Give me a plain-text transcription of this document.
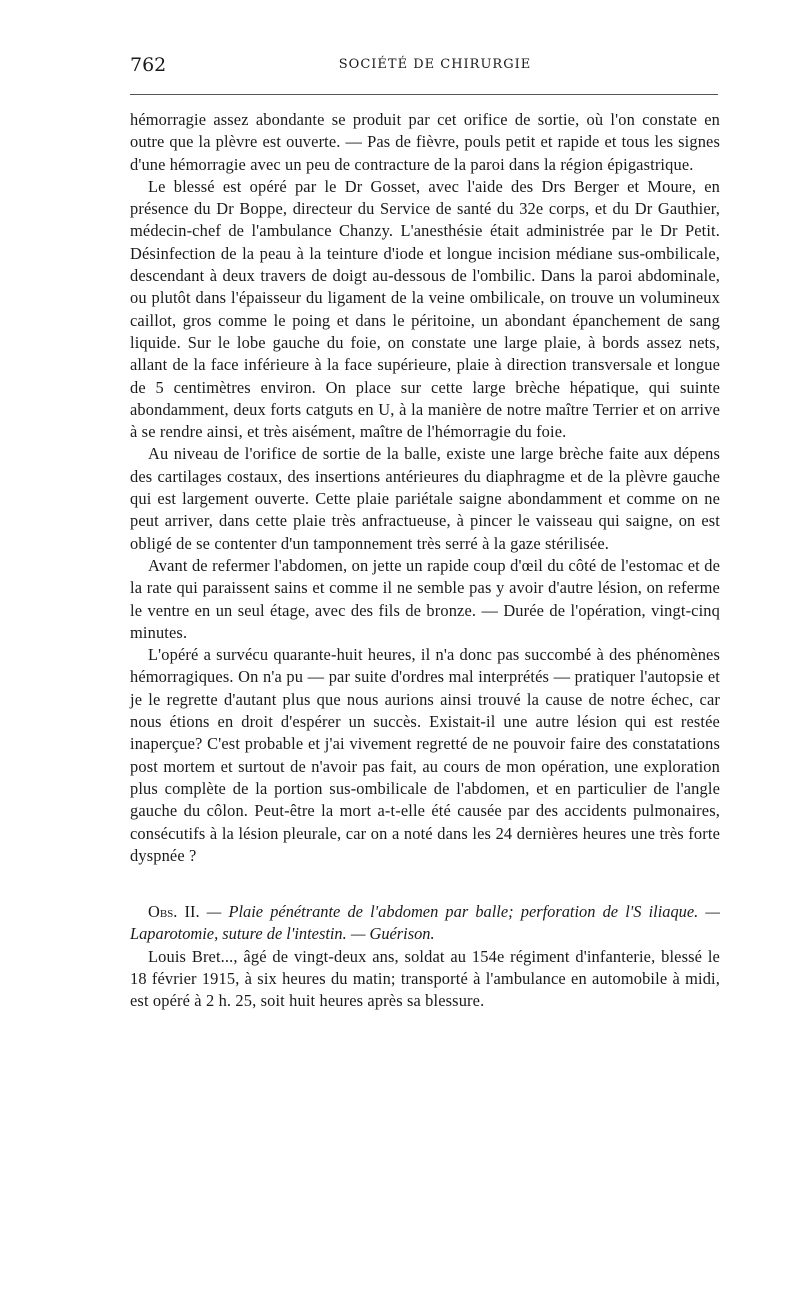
762	SOCIÉTÉ DE CHIRURGIE

hémorragie assez abondante se produit par cet orifice de sortie, où l'on constate en outre que la plèvre est ouverte. — Pas de fièvre, pouls petit et rapide et tous les signes d'une hémorragie avec un peu de contracture de la paroi dans la région épigastrique.

Le blessé est opéré par le Dr Gosset, avec l'aide des Drs Berger et Moure, en présence du Dr Boppe, directeur du Service de santé du 32e corps, et du Dr Gauthier, médecin-chef de l'ambulance Chanzy. L'anesthésie était administrée par le Dr Petit. Désinfection de la peau à la teinture d'iode et longue incision médiane sus-ombilicale, descendant à deux travers de doigt au-dessous de l'ombilic. Dans la paroi abdominale, ou plutôt dans l'épaisseur du ligament de la veine ombilicale, on trouve un volumineux caillot, gros comme le poing et dans le péritoine, un abondant épanchement de sang liquide. Sur le lobe gauche du foie, on constate une large plaie, à bords assez nets, allant de la face inférieure à la face supérieure, plaie à direction transversale et longue de 5 centimètres environ. On place sur cette large brèche hépatique, qui suinte abondamment, deux forts catguts en U, à la manière de notre maître Terrier et on arrive à se rendre ainsi, et très aisément, maître de l'hémorragie du foie.

Au niveau de l'orifice de sortie de la balle, existe une large brèche faite aux dépens des cartilages costaux, des insertions antérieures du diaphragme et de la plèvre gauche qui est largement ouverte. Cette plaie pariétale saigne abondamment et comme on ne peut arriver, dans cette plaie très anfractueuse, à pincer le vaisseau qui saigne, on est obligé de se contenter d'un tamponnement très serré à la gaze stérilisée.

Avant de refermer l'abdomen, on jette un rapide coup d'œil du côté de l'estomac et de la rate qui paraissent sains et comme il ne semble pas y avoir d'autre lésion, on referme le ventre en un seul étage, avec des fils de bronze. — Durée de l'opération, vingt-cinq minutes.

L'opéré a survécu quarante-huit heures, il n'a donc pas succombé à des phénomènes hémorragiques. On n'a pu — par suite d'ordres mal interprétés — pratiquer l'autopsie et je le regrette d'autant plus que nous aurions ainsi trouvé la cause de notre échec, car nous étions en droit d'espérer un succès. Existait-il une autre lésion qui est restée inaperçue? C'est probable et j'ai vivement regretté de ne pouvoir faire des constatations post mortem et surtout de n'avoir pas fait, au cours de mon opération, une exploration plus complète de la portion sus-ombilicale de l'abdomen, et en particulier de l'angle gauche du côlon. Peut-être la mort a-t-elle été causée par des accidents pulmonaires, consécutifs à la lésion pleurale, car on a noté dans les 24 dernières heures une très forte dyspnée ?

Obs. II. — Plaie pénétrante de l'abdomen par balle; perforation de l'S iliaque. — Laparotomie, suture de l'intestin. — Guérison.

Louis Bret..., âgé de vingt-deux ans, soldat au 154e régiment d'infanterie, blessé le 18 février 1915, à six heures du matin; transporté à l'ambulance en automobile à midi, est opéré à 2 h. 25, soit huit heures après sa blessure.
